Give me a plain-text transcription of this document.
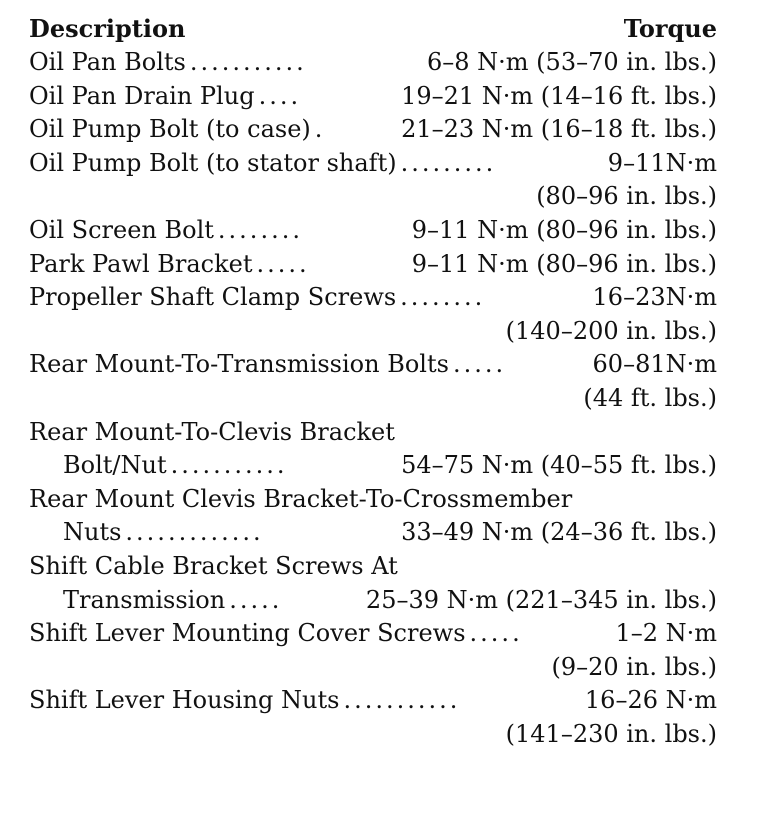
Description	Torque
Oil Pan Bolts ...........	6–8 N·m (53–70 in. lbs.)
Oil Pan Drain Plug ....	19–21 N·m (14–16 ft. lbs.)
Oil Pump Bolt (to case) .	21–23 N·m (16–18 ft. lbs.)
Oil Pump Bolt (to stator shaft) .........	9–11N·m
(80–96 in. lbs.)
Oil Screen Bolt ........	9–11 N·m (80–96 in. lbs.)
Park Pawl Bracket .....	9–11 N·m (80–96 in. lbs.)
Propeller Shaft Clamp Screws ........	16–23N·m
(140–200 in. lbs.)
Rear Mount-To-Transmission Bolts .....	60–81N·m
(44 ft. lbs.)
Rear Mount-To-Clevis Bracket
Bolt/Nut ...........	54–75 N·m (40–55 ft. lbs.)
Rear Mount Clevis Bracket-To-Crossmember
Nuts .............	33–49 N·m (24–36 ft. lbs.)
Shift Cable Bracket Screws At
Transmission .....	25–39 N·m (221–345 in. lbs.)
Shift Lever Mounting Cover Screws .....	1–2 N·m
(9–20 in. lbs.)
Shift Lever Housing Nuts ...........	16–26 N·m
(141–230 in. lbs.)
